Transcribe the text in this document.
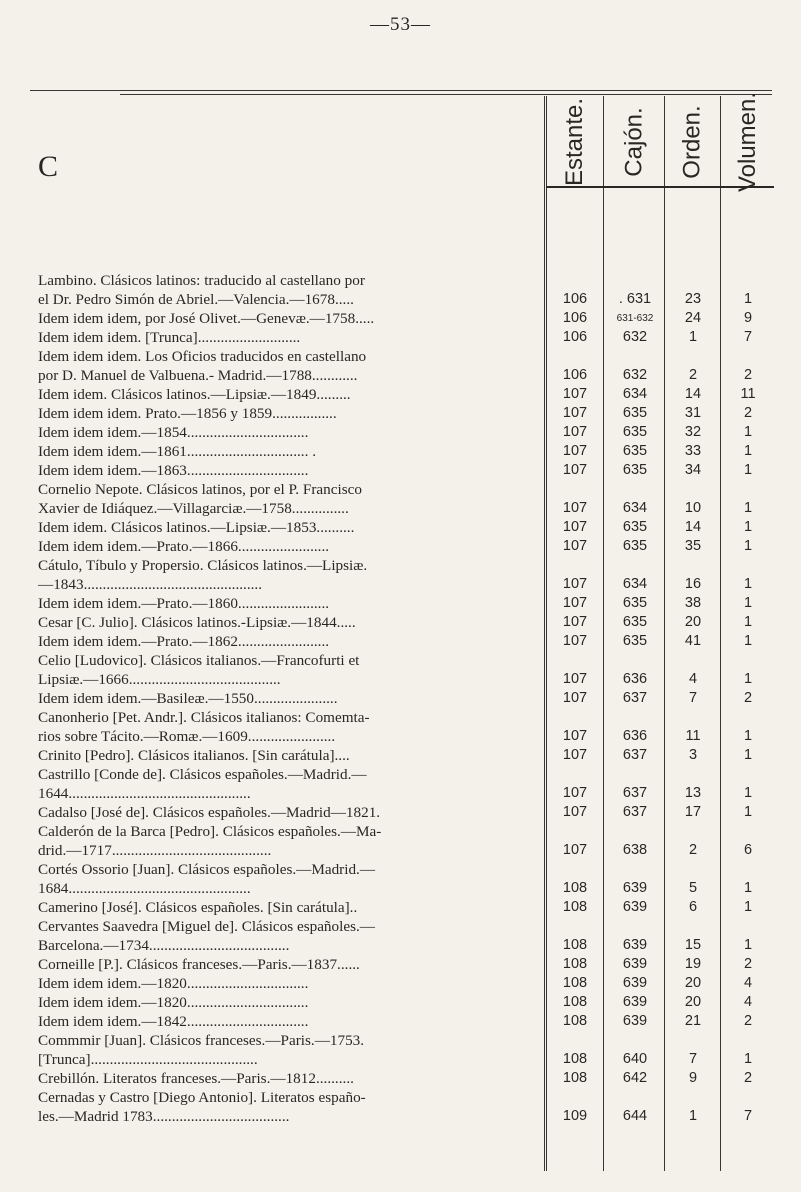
—53—
C	Estante. Cajón. Orden. Volumen.
Lambino. Clásicos latinos: traducido al castellano por
el Dr. Pedro Simón de Abriel.—Valencia.—1678.....	106	. 631	23	1
Idem idem idem, por José Olivet.—Genevæ.—1758.....	106	631-632	24	9
Idem idem idem. [Trunca]...........................	106	632	1	7
Idem idem idem. Los Oficios traducidos en castellano
por D. Manuel de Valbuena.- Madrid.—1788............	106	632	2	2
Idem idem. Clásicos latinos.—Lipsiæ.—1849.........	107	634	14	11
Idem idem idem. Prato.—1856 y 1859.................	107	635	31	2
Idem idem idem.—1854................................	107	635	32	1
Idem idem idem.—1861................................ .	107	635	33	1
Idem idem idem.—1863................................	107	635	34	1
Cornelio Nepote. Clásicos latinos, por el P. Francisco
Xavier de Idiáquez.—Villagarciæ.—1758...............	107	634	10	1
Idem idem. Clásicos latinos.—Lipsiæ.—1853..........	107	635	14	1
Idem idem idem.—Prato.—1866........................	107	635	35	1
Cátulo, Tíbulo y Propersio. Clásicos latinos.—Lipsiæ.
—1843...............................................	107	634	16	1
Idem idem idem.—Prato.—1860........................	107	635	38	1
Cesar [C. Julio]. Clásicos latinos.-Lipsiæ.—1844.....	107	635	20	1
Idem idem idem.—Prato.—1862........................	107	635	41	1
Celio [Ludovico]. Clásicos italianos.—Francofurti et
Lipsiæ.—1666........................................	107	636	4	1
Idem idem idem.—Basileæ.—1550......................	107	637	7	2
Canonherio [Pet. Andr.]. Clásicos italianos: Comemta-
rios sobre Tácito.—Romæ.—1609.......................	107	636	11	1
Crinito [Pedro]. Clásicos italianos. [Sin carátula]....	107	637	3	1
Castrillo [Conde de]. Clásicos españoles.—Madrid.—
1644................................................	107	637	13	1
Cadalso [José de]. Clásicos españoles.—Madrid—1821.	107	637	17	1
Calderón de la Barca [Pedro]. Clásicos españoles.—Ma-
drid.—1717..........................................	107	638	2	6
Cortés Ossorio [Juan]. Clásicos españoles.—Madrid.—
1684................................................	108	639	5	1
Camerino [José]. Clásicos españoles. [Sin carátula]..	108	639	6	1
Cervantes Saavedra [Miguel de]. Clásicos españoles.—
Barcelona.—1734.....................................	108	639	15	1
Corneille [P.]. Clásicos franceses.—Paris.—1837......	108	639	19	2
Idem idem idem.—1820................................	108	639	20	4
Idem idem idem.—1820................................	108	639	20	4
Idem idem idem.—1842................................	108	639	21	2
Commmir [Juan]. Clásicos franceses.—Paris.—1753.
[Trunca]............................................	108	640	7	1
Crebillón. Literatos franceses.—Paris.—1812..........	108	642	9	2
Cernadas y Castro [Diego Antonio]. Literatos españo-
les.—Madrid 1783....................................	109	644	1	7
